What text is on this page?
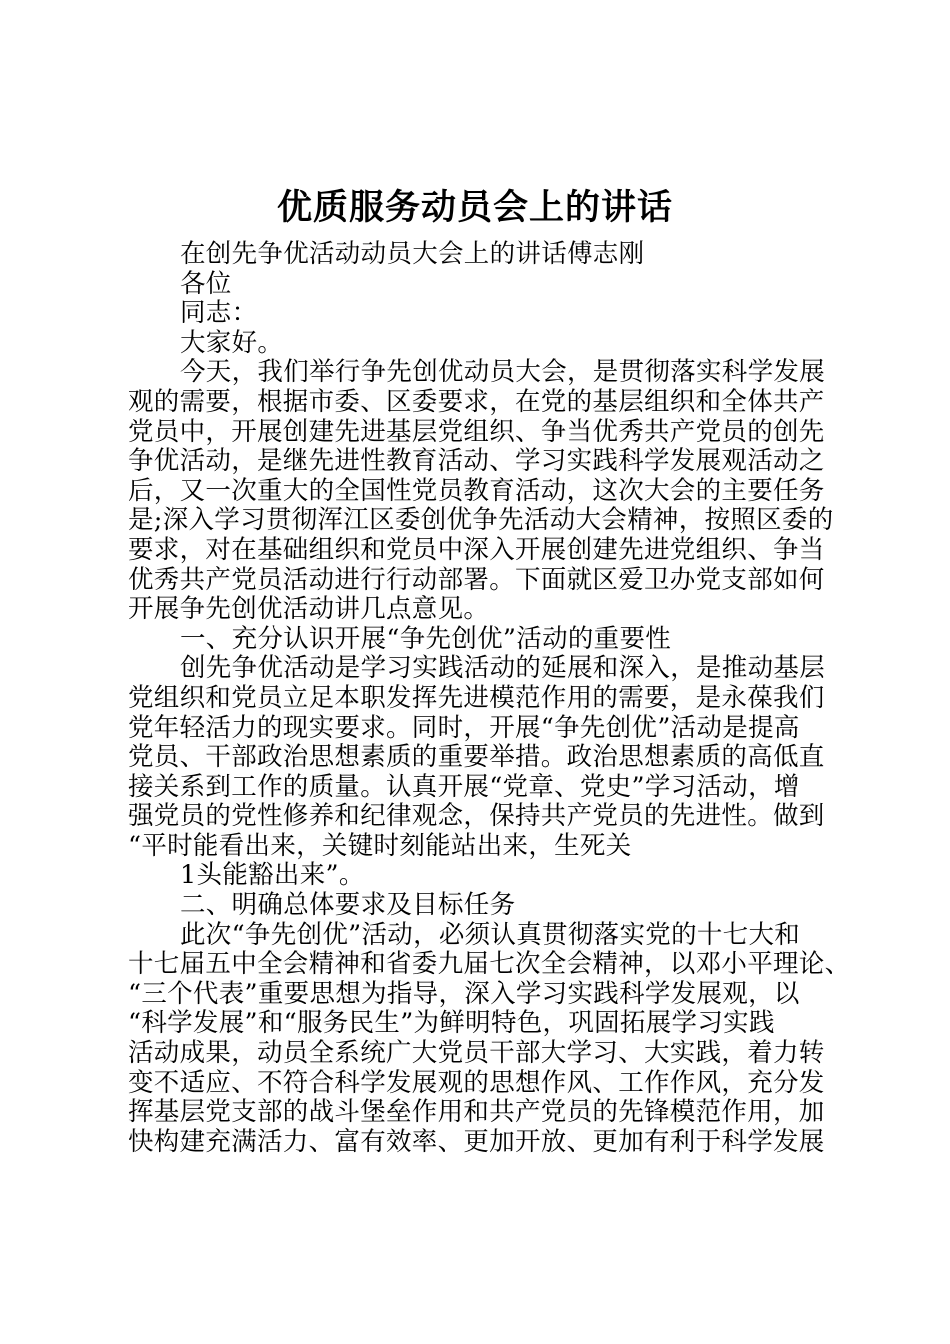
优质服务动员会上的讲话
在创先争优活动动员大会上的讲话傅志刚
各位
同志：
大家好。
今天，我们举行争先创优动员大会，是贯彻落实科学发展
观的需要，根据市委、区委要求，在党的基层组织和全体共产
党员中，开展创建先进基层党组织、争当优秀共产党员的创先
争优活动，是继先进性教育活动、学习实践科学发展观活动之
后，又一次重大的全国性党员教育活动，这次大会的主要任务
是;深入学习贯彻浑江区委创优争先活动大会精神，按照区委的
要求，对在基础组织和党员中深入开展创建先进党组织、争当
优秀共产党员活动进行行动部署。下面就区爱卫办党支部如何
开展争先创优活动讲几点意见。
一、充分认识开展“争先创优”活动的重要性
创先争优活动是学习实践活动的延展和深入，是推动基层
党组织和党员立足本职发挥先进模范作用的需要，是永葆我们
党年轻活力的现实要求。同时，开展“争先创优”活动是提高
党员、干部政治思想素质的重要举措。政治思想素质的高低直
接关系到工作的质量。认真开展“党章、党史”学习活动，增
强党员的党性修养和纪律观念，保持共产党员的先进性。做到
“平时能看出来，关键时刻能站出来，生死关
1头能豁出来”。
二、明确总体要求及目标任务
此次“争先创优”活动，必须认真贯彻落实党的十七大和
十七届五中全会精神和省委九届七次全会精神，以邓小平理论、
“三个代表”重要思想为指导，深入学习实践科学发展观，以
“科学发展”和“服务民生”为鲜明特色，巩固拓展学习实践
活动成果，动员全系统广大党员干部大学习、大实践，着力转
变不适应、不符合科学发展观的思想作风、工作作风，充分发
挥基层党支部的战斗堡垒作用和共产党员的先锋模范作用，加
快构建充满活力、富有效率、更加开放、更加有利于科学发展
